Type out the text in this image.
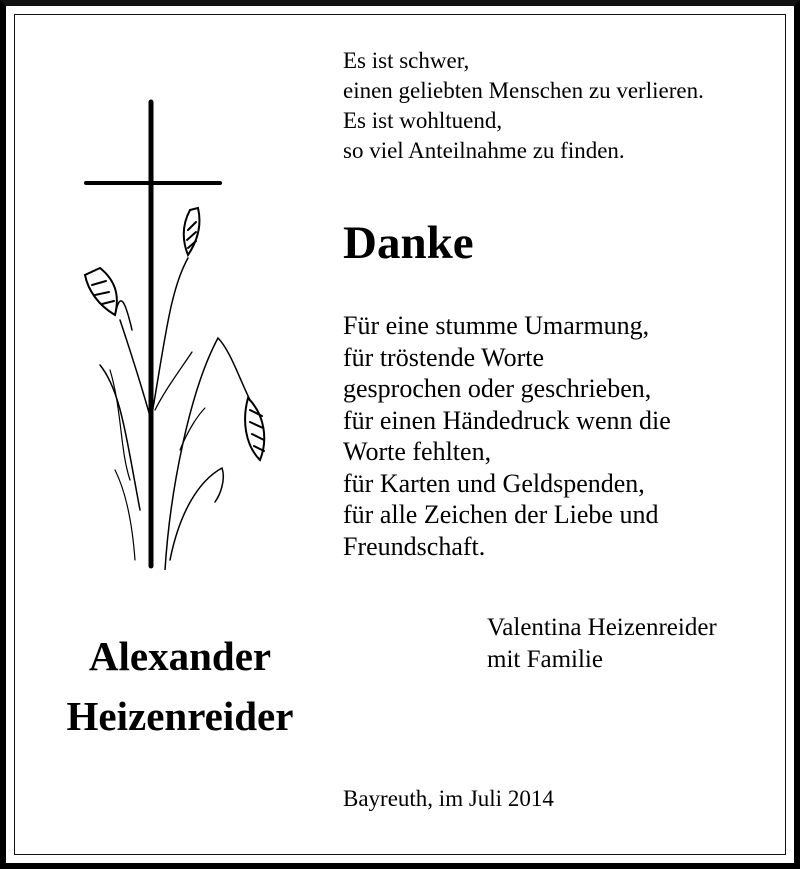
Es ist schwer,
einen geliebten Menschen zu verlieren.
Es ist wohltuend,
so viel Anteilnahme zu finden.
Danke
Für eine stumme Umarmung,
für tröstende Worte
gesprochen oder geschrieben,
für einen Händedruck wenn die
Worte fehlten,
für Karten und Geldspenden,
für alle Zeichen der Liebe und
Freundschaft.
Valentina Heizenreider
mit Familie
Alexander
Heizenreider
Bayreuth, im Juli 2014
